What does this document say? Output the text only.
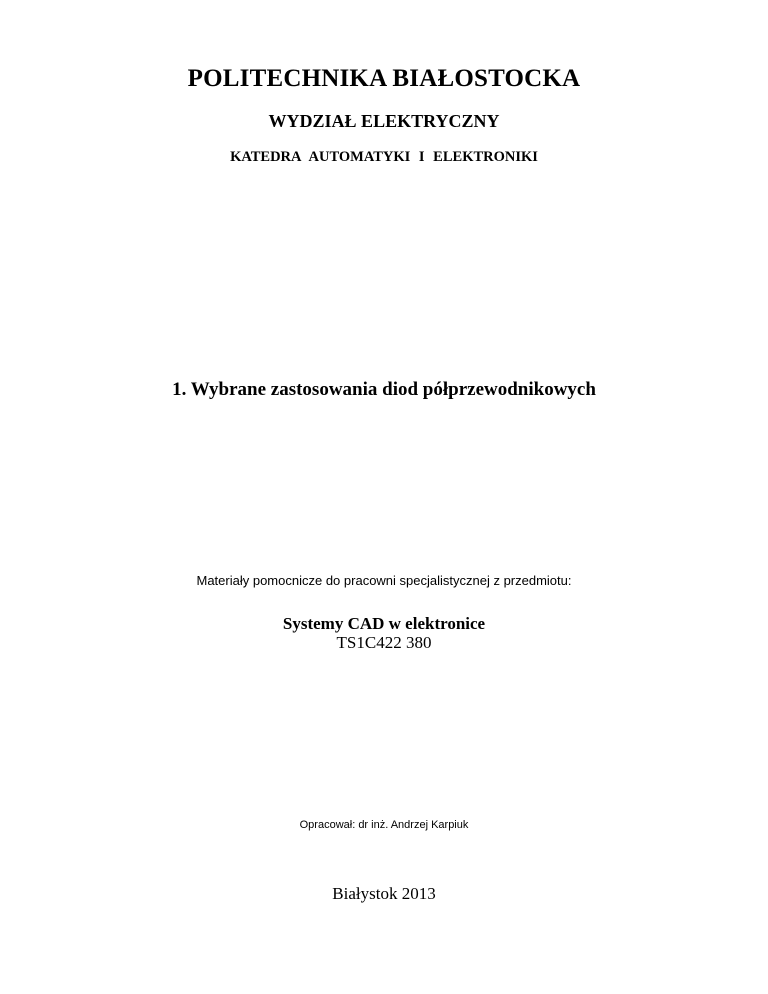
POLITECHNIKA BIAŁOSTOCKA
WYDZIAŁ ELEKTRYCZNY
KATEDRA AUTOMATYKI I ELEKTRONIKI
1. Wybrane zastosowania diod półprzewodnikowych
Materiały pomocnicze do pracowni specjalistycznej z przedmiotu:
Systemy CAD w elektronice
TS1C422 380
Opracował: dr inż. Andrzej Karpiuk
Białystok 2013
